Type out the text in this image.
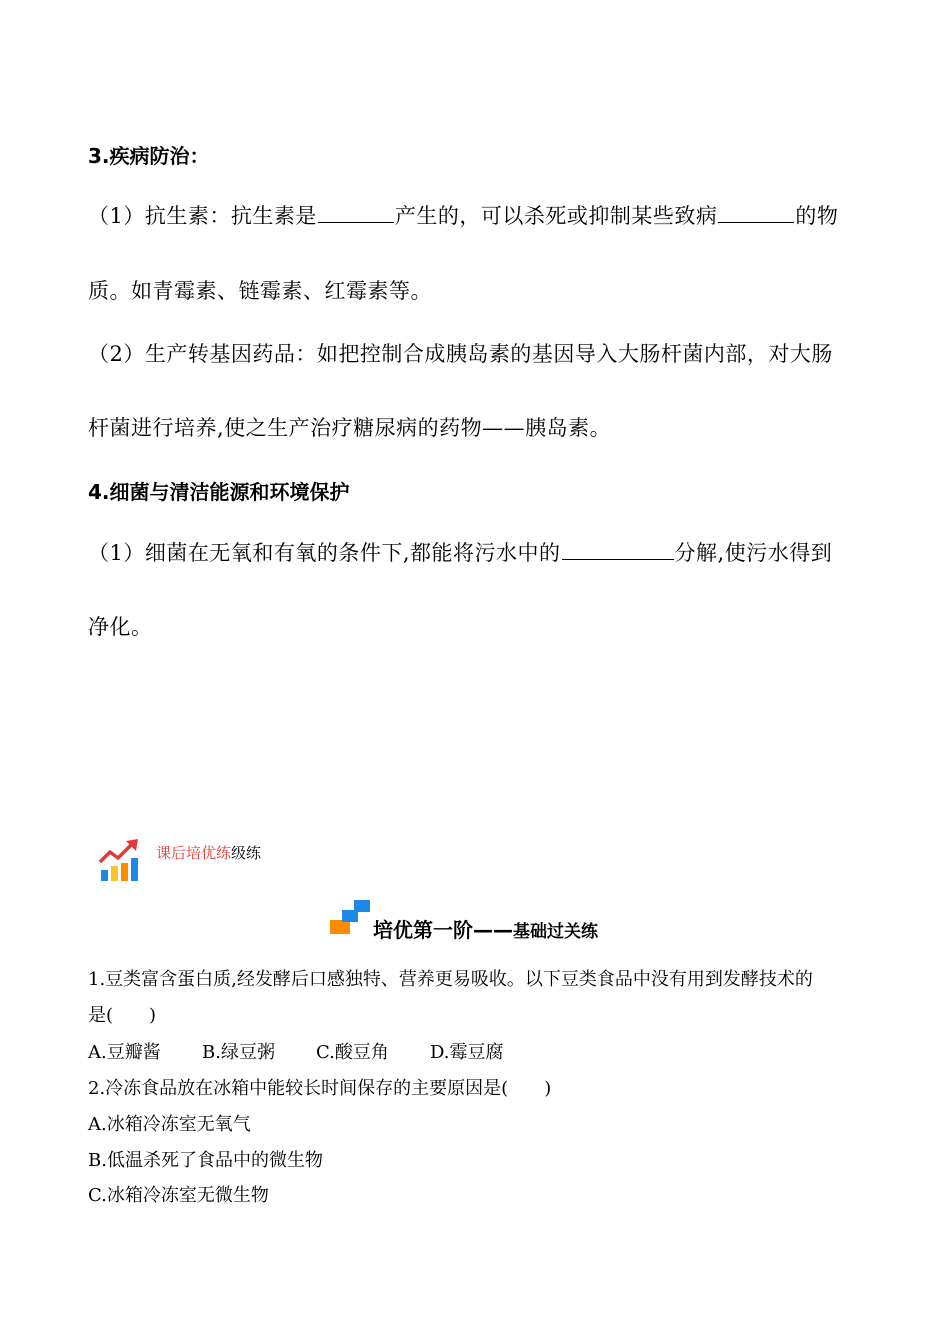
3.疾病防治：
（1）抗生素：抗生素是	产生的，可以杀死或抑制某些致病	的物
质。如青霉素、链霉素、红霉素等。
（2）生产转基因药品：如把控制合成胰岛素的基因导入大肠杆菌内部，对大肠
杆菌进行培养,使之生产治疗糖尿病的药物——胰岛素。
4.细菌与清洁能源和环境保护
（1）细菌在无氧和有氧的条件下,都能将污水中的	分解,使污水得到
净化。
课后培优练级练
培优第一阶——基础过关练
1.豆类富含蛋白质,经发酵后口感独特、营养更易吸收。以下豆类食品中没有用到发酵技术的
是(　　)
A.豆瓣酱 B.绿豆粥 C.酸豆角 D.霉豆腐
2.冷冻食品放在冰箱中能较长时间保存的主要原因是(　　)
A.冰箱冷冻室无氧气
B.低温杀死了食品中的微生物
C.冰箱冷冻室无微生物
